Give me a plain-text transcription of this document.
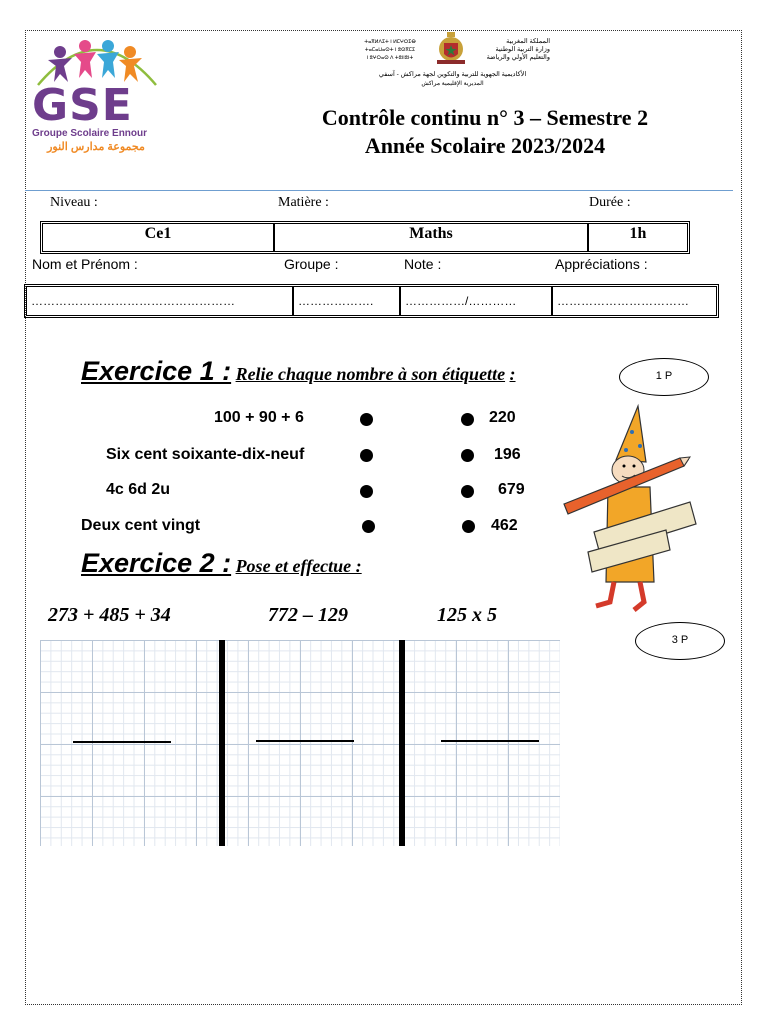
GSE
Groupe Scolaire Ennour
مجموعة مدارس النور
ⵜⴰⴳⵍⴷⵉⵜ ⵏ ⵍⵎⵖⵔⵉⴱ
ⵜⴰⵎⴰⵡⴰⵙⵜ ⵏ ⵓⵙⴳⵎⵉ
ⵏ ⵓⵖⵔⴰⵙ ⴷ ⵜⵓⵏⵏⵓⵏⵜ
المملكة المغربية
وزارة التربية الوطنية
والتعليم الأولي والرياضة
الأكاديمية الجهوية للتربية والتكوين لجهة مراكش - آسفي
المديرية الإقليمية مراكش
Contrôle continu n° 3 – Semestre 2
Année Scolaire 2023/2024
Niveau :	Matière :	Durée :
Ce1	Maths	1h
Nom et Prénom :	Groupe :	Note :	Appréciations :
……………………………………………	……………….	……………/…………	……………………………
Exercice 1 : Relie chaque nombre à son étiquette :	1 P
100 + 90 + 6
Six cent soixante-dix-neuf
4c 6d 2u
Deux cent vingt
220
196
679
462
Exercice 2 : Pose et effectue :
273 + 485 + 34	772 – 129	125 x 5
3 P
